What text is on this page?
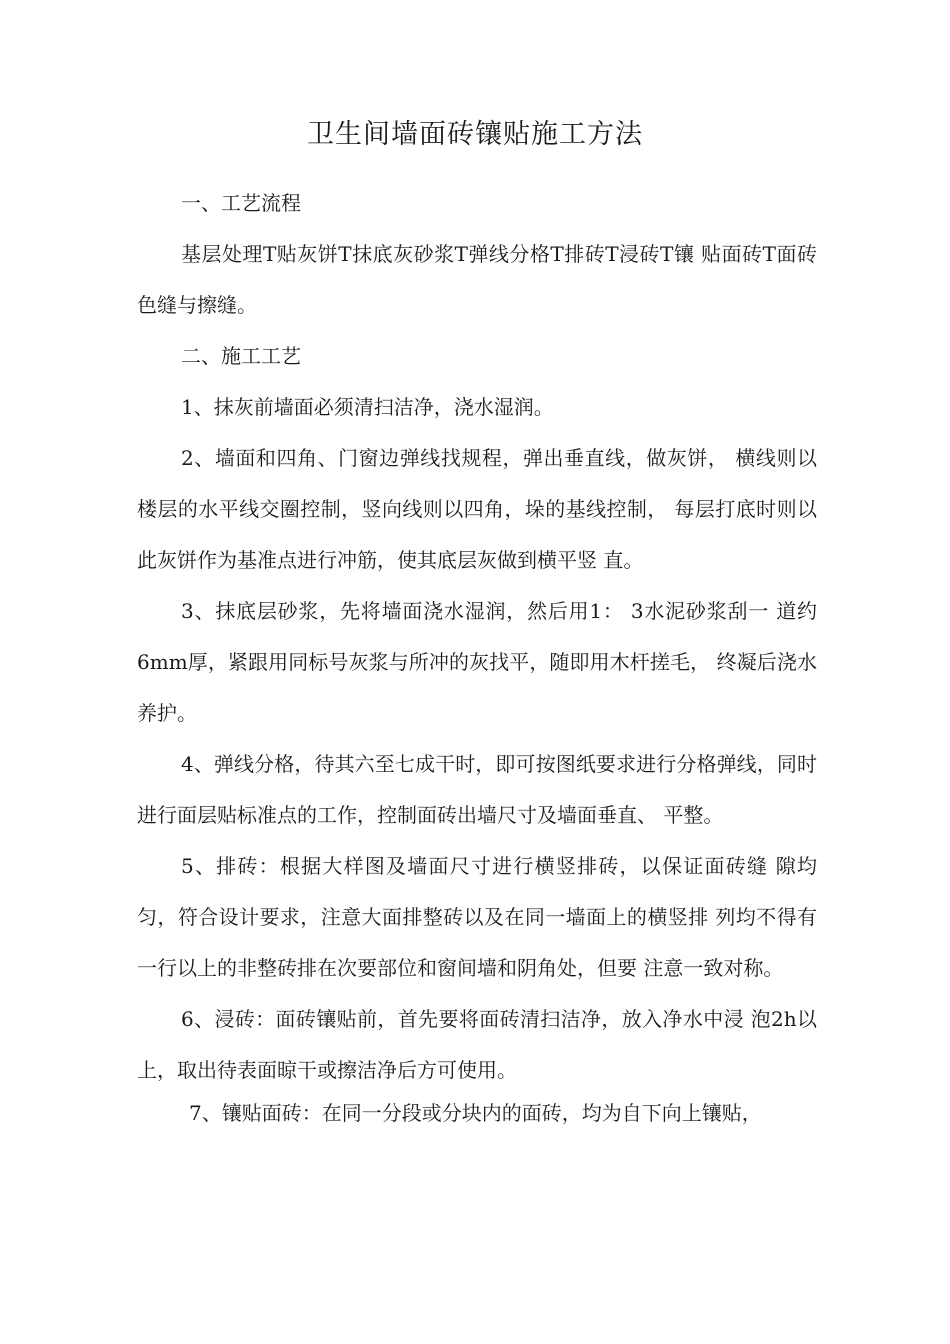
卫生间墙面砖镶贴施工方法

一、工艺流程

基层处理T贴灰饼T抹底灰砂浆T弹线分格T排砖T浸砖T镶 贴面砖T面砖色缝与擦缝。

二、施工工艺

1、抹灰前墙面必须清扫洁净，浇水湿润。

2、墙面和四角、门窗边弹线找规程，弹出垂直线，做灰饼， 横线则以楼层的水平线交圈控制，竖向线则以四角，垛的基线控制， 每层打底时则以此灰饼作为基准点进行冲筋，使其底层灰做到横平竖 直。

3、抹底层砂浆，先将墙面浇水湿润，然后用1： 3水泥砂浆刮一 道约6mm厚，紧跟用同标号灰浆与所冲的灰找平，随即用木杆搓毛， 终凝后浇水养护。

4、弹线分格，待其六至七成干时，即可按图纸要求进行分格弹线，同时进行面层贴标准点的工作，控制面砖出墙尺寸及墙面垂直、 平整。

5、排砖：根据大样图及墙面尺寸进行横竖排砖，以保证面砖缝 隙均匀，符合设计要求，注意大面排整砖以及在同一墙面上的横竖排 列均不得有一行以上的非整砖排在次要部位和窗间墙和阴角处，但要 注意一致对称。

6、浸砖：面砖镶贴前，首先要将面砖清扫洁净，放入净水中浸 泡2h以上，取出待表面晾干或擦洁净后方可使用。

7、镶贴面砖：在同一分段或分块内的面砖，均为自下向上镶贴，
